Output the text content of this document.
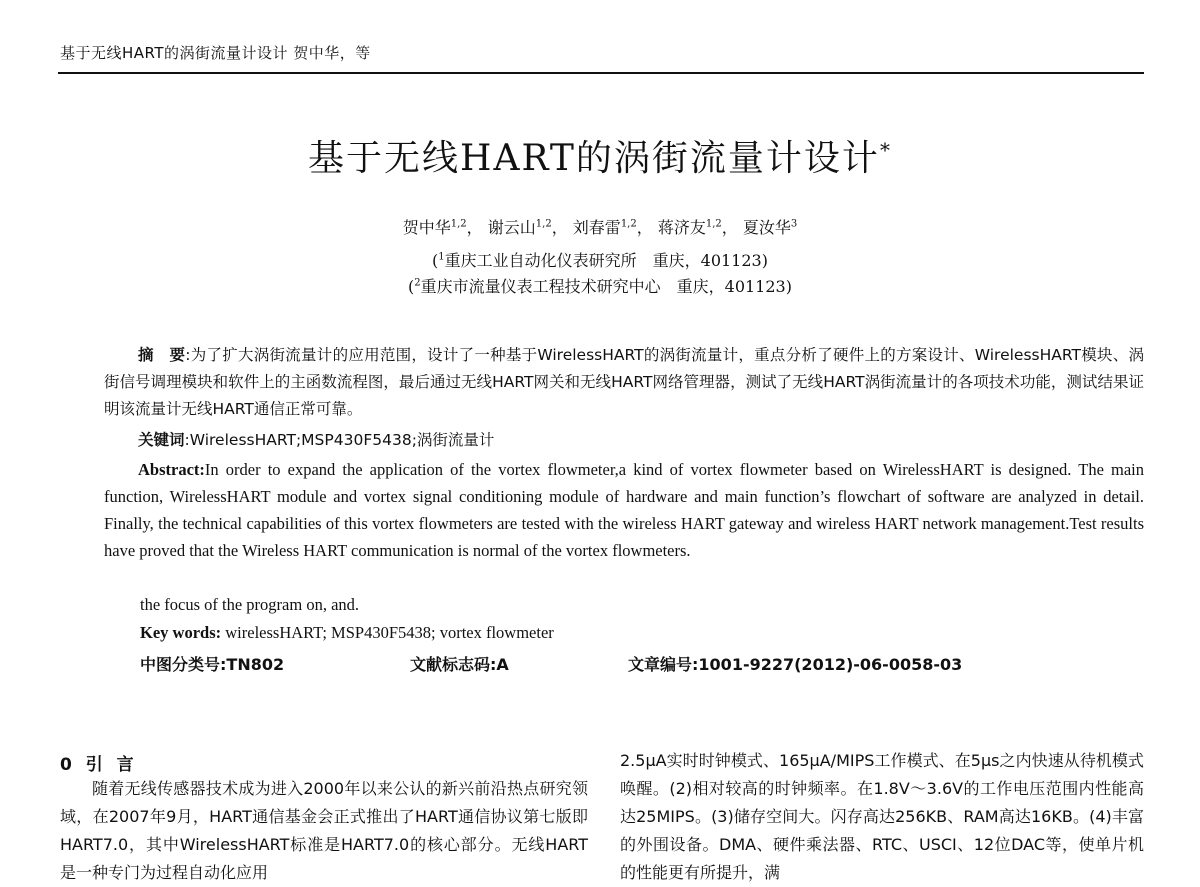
基于无线HART的涡街流量计设计 贺中华，等
基于无线HART的涡街流量计设计*
贺中华$^{1,2}$， 谢云山$^{1,2}$， 刘春雷$^{1,2}$， 蒋济友$^{1,2}$， 夏汝华$^3$
($^1$重庆工业自动化仪表研究所　重庆，401123)
($^2$重庆市流量仪表工程技术研究中心　重庆，401123)
摘　要:为了扩大涡街流量计的应用范围，设计了一种基于WirelessHART的涡街流量计，重点分析了硬件上的方案设计、WirelessHART模块、涡街信号调理模块和软件上的主函数流程图，最后通过无线HART网关和无线HART网络管理器，测试了无线HART涡街流量计的各项技术功能，测试结果证明该流量计无线HART通信正常可靠。
关键词:WirelessHART;MSP430F5438;涡街流量计
Abstract:In order to expand the application of the vortex flowmeter,a kind of vortex flowmeter based on WirelessHART is designed. The main function, WirelessHART module and vortex signal conditioning module of hardware and main function’s flowchart of software are analyzed in detail. Finally, the technical capabilities of this vortex flowmeters are tested with the wireless HART gateway and wireless HART network management.Test results have proved that the Wireless HART communication is normal of the vortex flowmeters.
the focus of the program on, and.
Key words: wirelessHART; MSP430F5438; vortex flowmeter
中图分类号:TN802	文献标志码:A	文章编号:1001-9227(2012)-06-0058-03
0 引 言
随着无线传感器技术成为进入2000年以来公认的新兴前沿热点研究领域，在2007年9月，HART通信基金会正式推出了HART通信协议第七版即HART7.0，其中WirelessHART标准是HART7.0的核心部分。无线HART是一种专门为过程自动化应用
2.5μA实时时钟模式、165μA/MIPS工作模式、在5μs之内快速从待机模式唤醒。(2)相对较高的时钟频率。在1.8V～3.6V的工作电压范围内性能高达25MIPS。(3)储存空间大。闪存高达256KB、RAM高达16KB。(4)丰富的外围设备。DMA、硬件乘法器、RTC、USCI、12位DAC等，使单片机的性能更有所提升，满
